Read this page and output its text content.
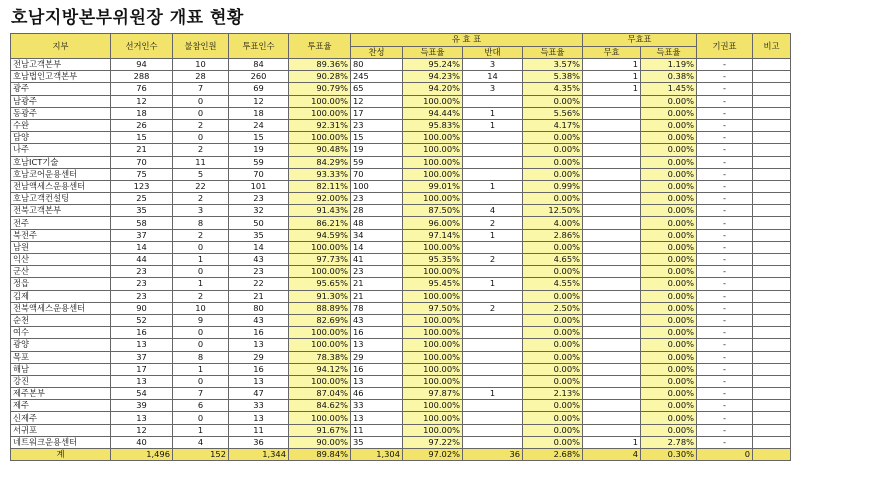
호남지방본부위원장 개표 현황
지부	선거인수	불참인원	투표인수	투표율	유 효 표				무효표		기권표	비고
					찬성	득표율	반대	득표율	무효	득표율		
전남고객본부	94	10	84	89.36%	80	95.24%	3	3.57%	1	1.19%	-	
호남법인고객본부	288	28	260	90.28%	245	94.23%	14	5.38%	1	0.38%	-	
광주	76	7	69	90.79%	65	94.20%	3	4.35%	1	1.45%	-	
남광주	12	0	12	100.00%	12	100.00%		0.00%		0.00%	-	
동광주	18	0	18	100.00%	17	94.44%	1	5.56%		0.00%	-	
수완	26	2	24	92.31%	23	95.83%	1	4.17%		0.00%	-	
담양	15	0	15	100.00%	15	100.00%		0.00%		0.00%	-	
나주	21	2	19	90.48%	19	100.00%		0.00%		0.00%	-	
호남ICT기술	70	11	59	84.29%	59	100.00%		0.00%		0.00%	-	
호남코어운용센터	75	5	70	93.33%	70	100.00%		0.00%		0.00%	-	
전남액세스운용센터	123	22	101	82.11%	100	99.01%	1	0.99%		0.00%	-	
호남고객컨설팅	25	2	23	92.00%	23	100.00%		0.00%		0.00%	-	
전북고객본부	35	3	32	91.43%	28	87.50%	4	12.50%		0.00%	-	
전주	58	8	50	86.21%	48	96.00%	2	4.00%		0.00%	-	
북전주	37	2	35	94.59%	34	97.14%	1	2.86%		0.00%	-	
남원	14	0	14	100.00%	14	100.00%		0.00%		0.00%	-	
익산	44	1	43	97.73%	41	95.35%	2	4.65%		0.00%	-	
군산	23	0	23	100.00%	23	100.00%		0.00%		0.00%	-	
정읍	23	1	22	95.65%	21	95.45%	1	4.55%		0.00%	-	
김제	23	2	21	91.30%	21	100.00%		0.00%		0.00%	-	
전북액세스운용센터	90	10	80	88.89%	78	97.50%	2	2.50%		0.00%	-	
순천	52	9	43	82.69%	43	100.00%		0.00%		0.00%	-	
여수	16	0	16	100.00%	16	100.00%		0.00%		0.00%	-	
광양	13	0	13	100.00%	13	100.00%		0.00%		0.00%	-	
목포	37	8	29	78.38%	29	100.00%		0.00%		0.00%	-	
해남	17	1	16	94.12%	16	100.00%		0.00%		0.00%	-	
강진	13	0	13	100.00%	13	100.00%		0.00%		0.00%	-	
제주본부	54	7	47	87.04%	46	97.87%	1	2.13%		0.00%	-	
제주	39	6	33	84.62%	33	100.00%		0.00%		0.00%	-	
신제주	13	0	13	100.00%	13	100.00%		0.00%		0.00%	-	
서귀포	12	1	11	91.67%	11	100.00%		0.00%		0.00%	-	
네트워크운용센터	40	4	36	90.00%	35	97.22%		0.00%	1	2.78%	-	
계	1,496	152	1,344	89.84%	1,304	97.02%	36	2.68%	4	0.30%	0	
